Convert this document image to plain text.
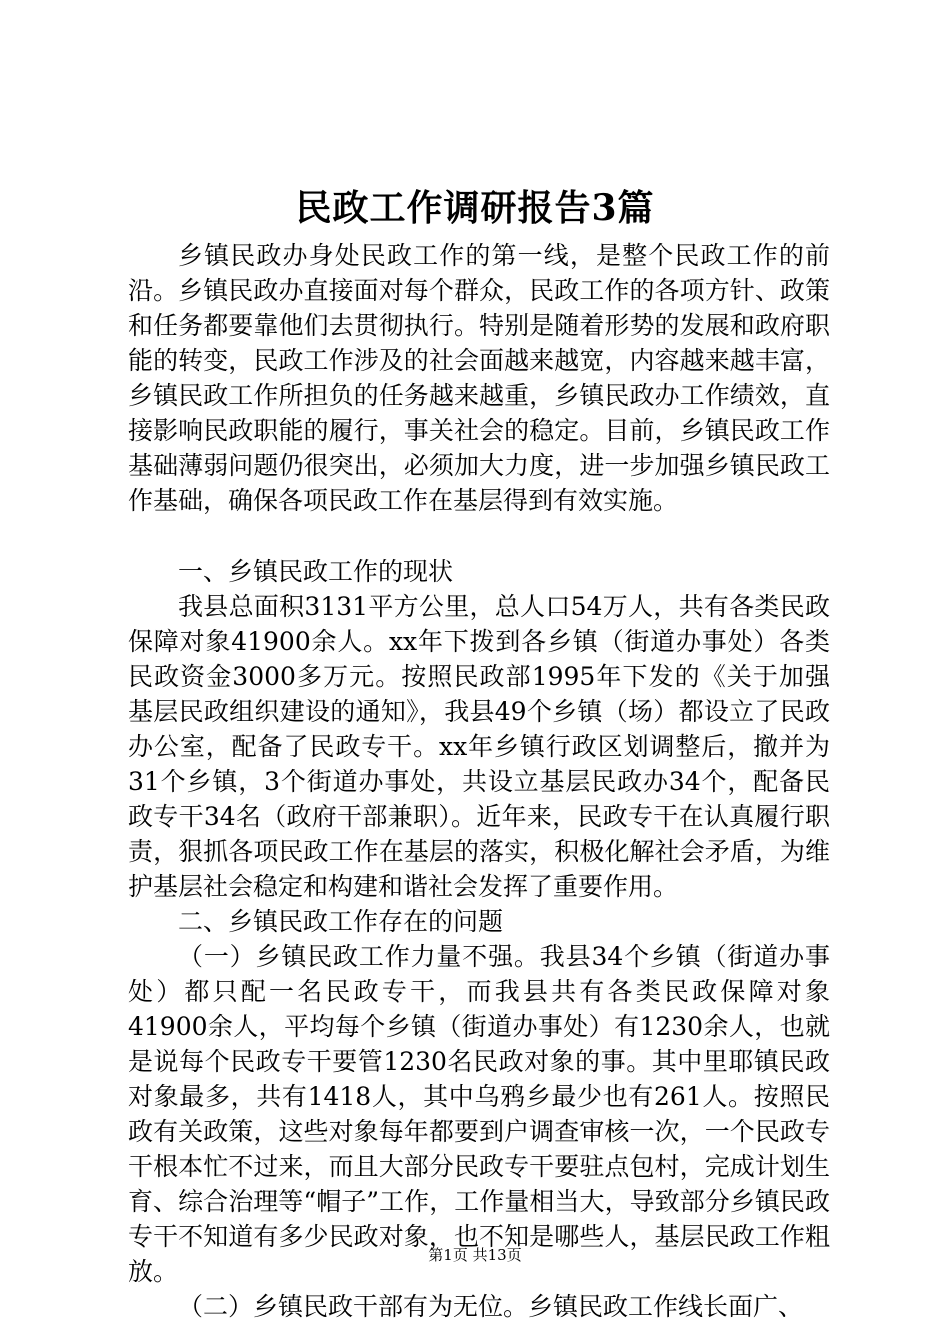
民政工作调研报告3篇

乡镇民政办身处民政工作的第一线，是整个民政工作的前沿。乡镇民政办直接面对每个群众，民政工作的各项方针、政策和任务都要靠他们去贯彻执行。特别是随着形势的发展和政府职能的转变，民政工作涉及的社会面越来越宽，内容越来越丰富，乡镇民政工作所担负的任务越来越重，乡镇民政办工作绩效，直接影响民政职能的履行，事关社会的稳定。目前，乡镇民政工作基础薄弱问题仍很突出，必须加大力度，进一步加强乡镇民政工作基础，确保各项民政工作在基层得到有效实施。

一、乡镇民政工作的现状

我县总面积3131平方公里，总人口54万人，共有各类民政保障对象41900余人。xx年下拨到各乡镇（街道办事处）各类民政资金3000多万元。按照民政部1995年下发的《关于加强基层民政组织建设的通知》，我县49个乡镇（场）都设立了民政办公室，配备了民政专干。xx年乡镇行政区划调整后，撤并为31个乡镇，3个街道办事处，共设立基层民政办34个，配备民政专干34名（政府干部兼职）。近年来，民政专干在认真履行职责，狠抓各项民政工作在基层的落实，积极化解社会矛盾，为维护基层社会稳定和构建和谐社会发挥了重要作用。

二、乡镇民政工作存在的问题

（一）乡镇民政工作力量不强。我县34个乡镇（街道办事处）都只配一名民政专干，而我县共有各类民政保障对象41900余人，平均每个乡镇（街道办事处）有1230余人，也就是说每个民政专干要管1230名民政对象的事。其中里耶镇民政对象最多，共有1418人，其中乌鸦乡最少也有261人。按照民政有关政策，这些对象每年都要到户调查审核一次，一个民政专干根本忙不过来，而且大部分民政专干要驻点包村，完成计划生育、综合治理等“帽子”工作，工作量相当大，导致部分乡镇民政专干不知道有多少民政对象，也不知是哪些人，基层民政工作粗放。

（二）乡镇民政干部有为无位。乡镇民政工作线长面广、

第1页 共13页
